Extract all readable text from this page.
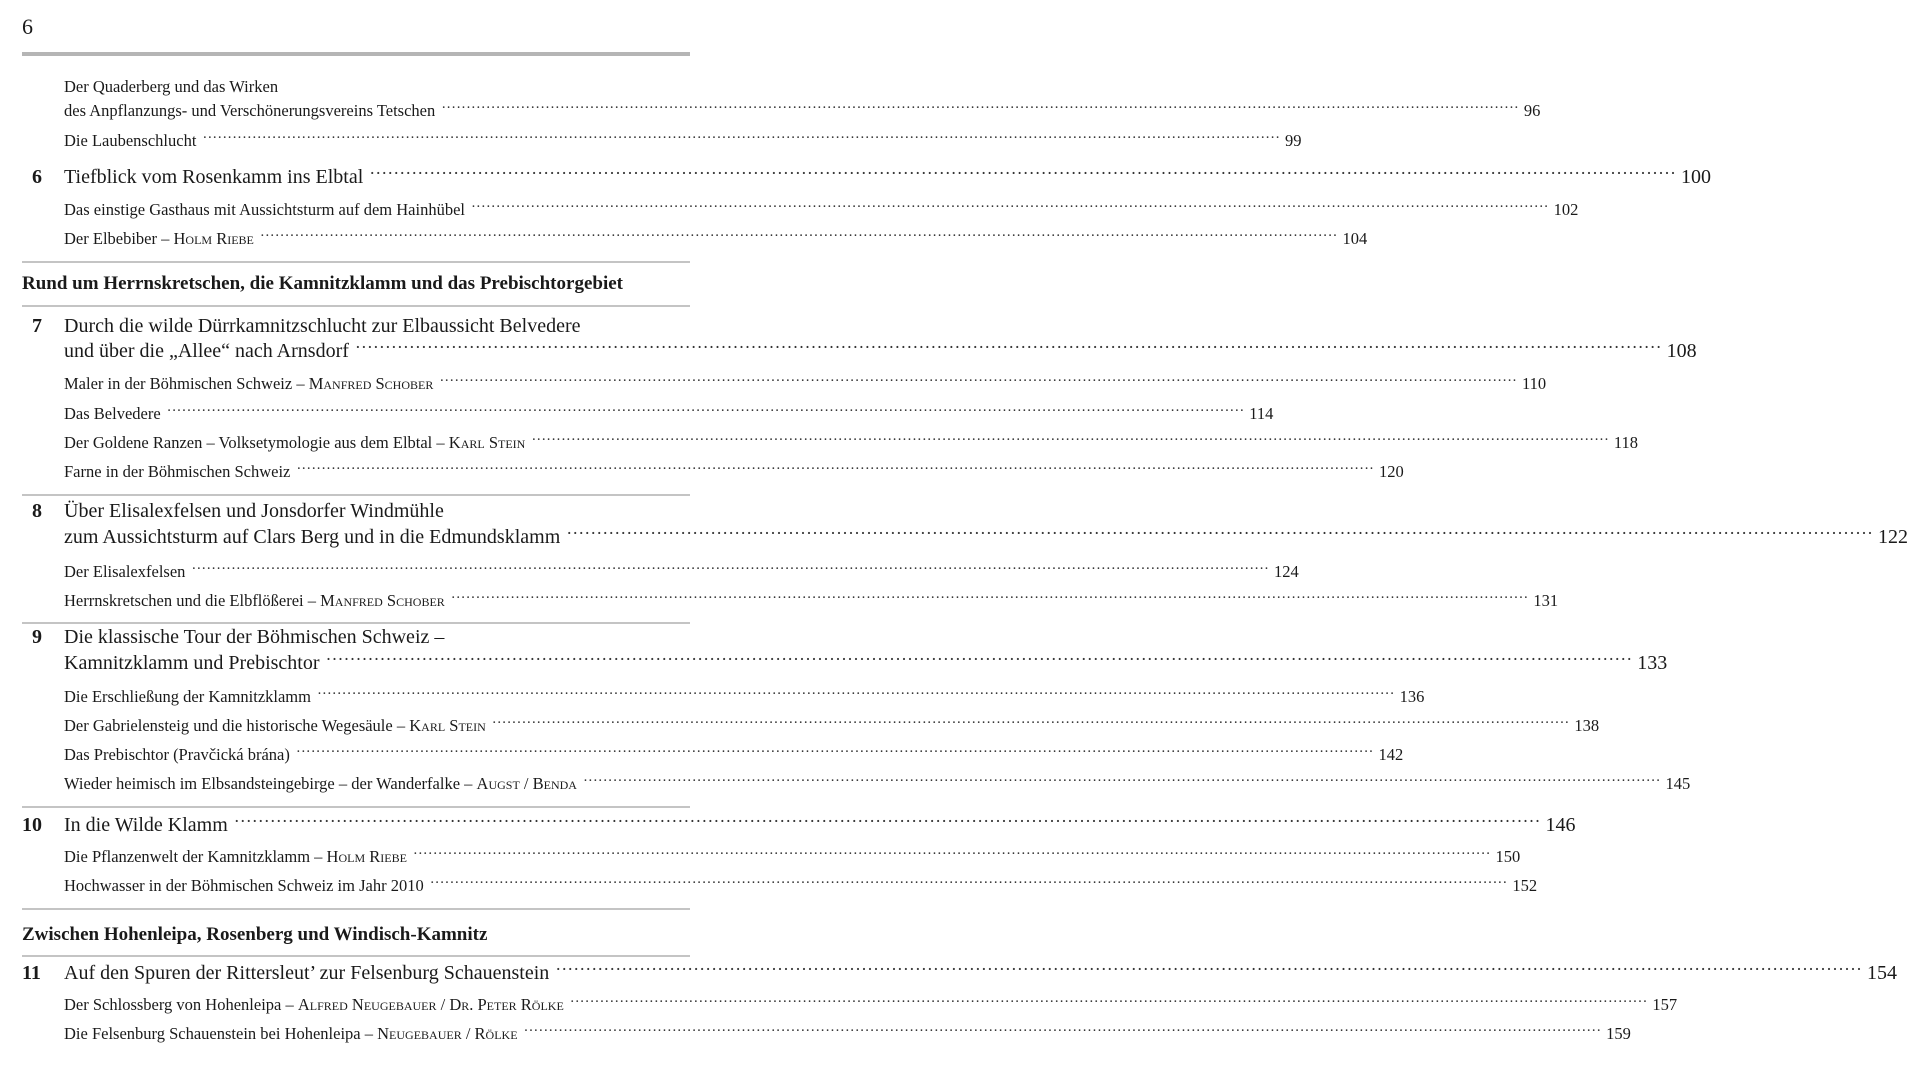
6
Der Quaderberg und das Wirken
des Anpflanzungs- und Verschönerungsvereins Tetschen ·····	96
Die Laubenschlucht ·····	99
6	Tiefblick vom Rosenkamm ins Elbtal ·····	100
Das einstige Gasthaus mit Aussichtsturm auf dem Hainhübel ·····	102
Der Elbebiber – Holm Riebe ·····	104
Rund um Herrnskretschen, die Kamnitzklamm und das Prebischtorgebiet
7	Durch die wilde Dürrkamnitzschlucht zur Elbaussicht Belvedere
und über die „Allee“ nach Arnsdorf ·····	108
Maler in der Böhmischen Schweiz – Manfred Schober ·····	110
Das Belvedere ·····	114
Der Goldene Ranzen – Volksetymologie aus dem Elbtal – Karl Stein ·····	118
Farne in der Böhmischen Schweiz ·····	120
8	Über Elisalexfelsen und Jonsdorfer Windmühle
zum Aussichtsturm auf Clars Berg und in die Edmundsklamm ·····	122
Der Elisalexfelsen ·····	124
Herrnskretschen und die Elbflößerei – Manfred Schober ·····	131
9	Die klassische Tour der Böhmischen Schweiz –
Kamnitzklamm und Prebischtor ·····	133
Die Erschließung der Kamnitzklamm ·····	136
Der Gabrielensteig und die historische Wegesäule – Karl Stein ·····	138
Das Prebischtor (Pravčická brána) ·····	142
Wieder heimisch im Elbsandsteingebirge – der Wanderfalke – Augst / Benda ·····	145
10	In die Wilde Klamm ·····	146
Die Pflanzenwelt der Kamnitzklamm – Holm Riebe ·····	150
Hochwasser in der Böhmischen Schweiz im Jahr 2010 ·····	152
Zwischen Hohenleipa, Rosenberg und Windisch-Kamnitz
11	Auf den Spuren der Rittersleut’ zur Felsenburg Schauenstein ·····	154
Der Schlossberg von Hohenleipa – Alfred Neugebauer / Dr. Peter Rölke ·····	157
Die Felsenburg Schauenstein bei Hohenleipa – Neugebauer / Rölke ·····	159
